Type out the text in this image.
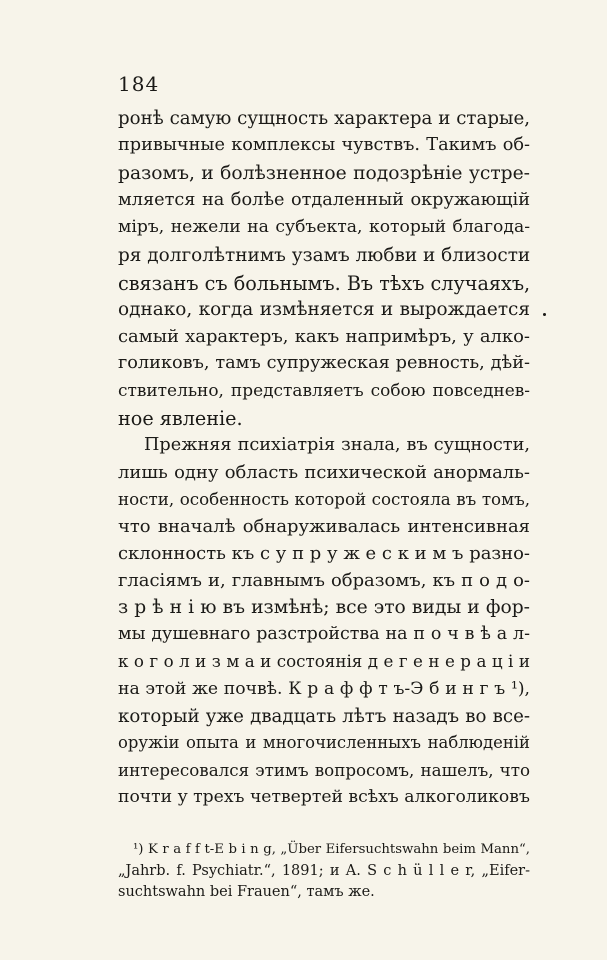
184
ронѣ самую сущность характера и старые,
привычные комплексы чувствъ. Такимъ об-
разомъ, и болѣзненное подозрѣніе устре-
мляется на болѣе отдаленный окружающій
міръ, нежели на субъекта, который благода-
ря долголѣтнимъ узамъ любви и близости
связанъ съ больнымъ. Въ тѣхъ случаяхъ,
однако, когда измѣняется и вырождается
самый характеръ, какъ напримѣръ, у алко-
голиковъ, тамъ супружеская ревность, дѣй-
ствительно, представляетъ собою повседнев-
ное явленіе.
Прежняя психіатрія знала, въ сущности,
лишь одну область психической анормаль-
ности, особенность которой состояла въ томъ,
что вначалѣ обнаруживалась интенсивная
склонность къ с у п р у ж е с к и м ъ разно-
гласіямъ и, главнымъ образомъ, къ п о д о-
з р ѣ н і ю въ измѣнѣ; все это виды и фор-
мы душевнаго разстройства на п о ч в ѣ а л-
к о г о л и з м а и состоянія д е г е н е р а ц і и
на этой же почвѣ. К р а ф ф т ъ-Э б и н г ъ ¹),
который уже двадцать лѣтъ назадъ во все-
оружіи опыта и многочисленныхъ наблюденій
интересовался этимъ вопросомъ, нашелъ, что
почти у трехъ четвертей всѣхъ алкоголиковъ
¹) K r a f f t-E b i n g, „Über Eifersuchtswahn beim Mann“,
„Jahrb. f. Psychiatr.“, 1891; и A. S c h ü l l e r, „Eifer-
suchtswahn bei Frauen“, тамъ же.
